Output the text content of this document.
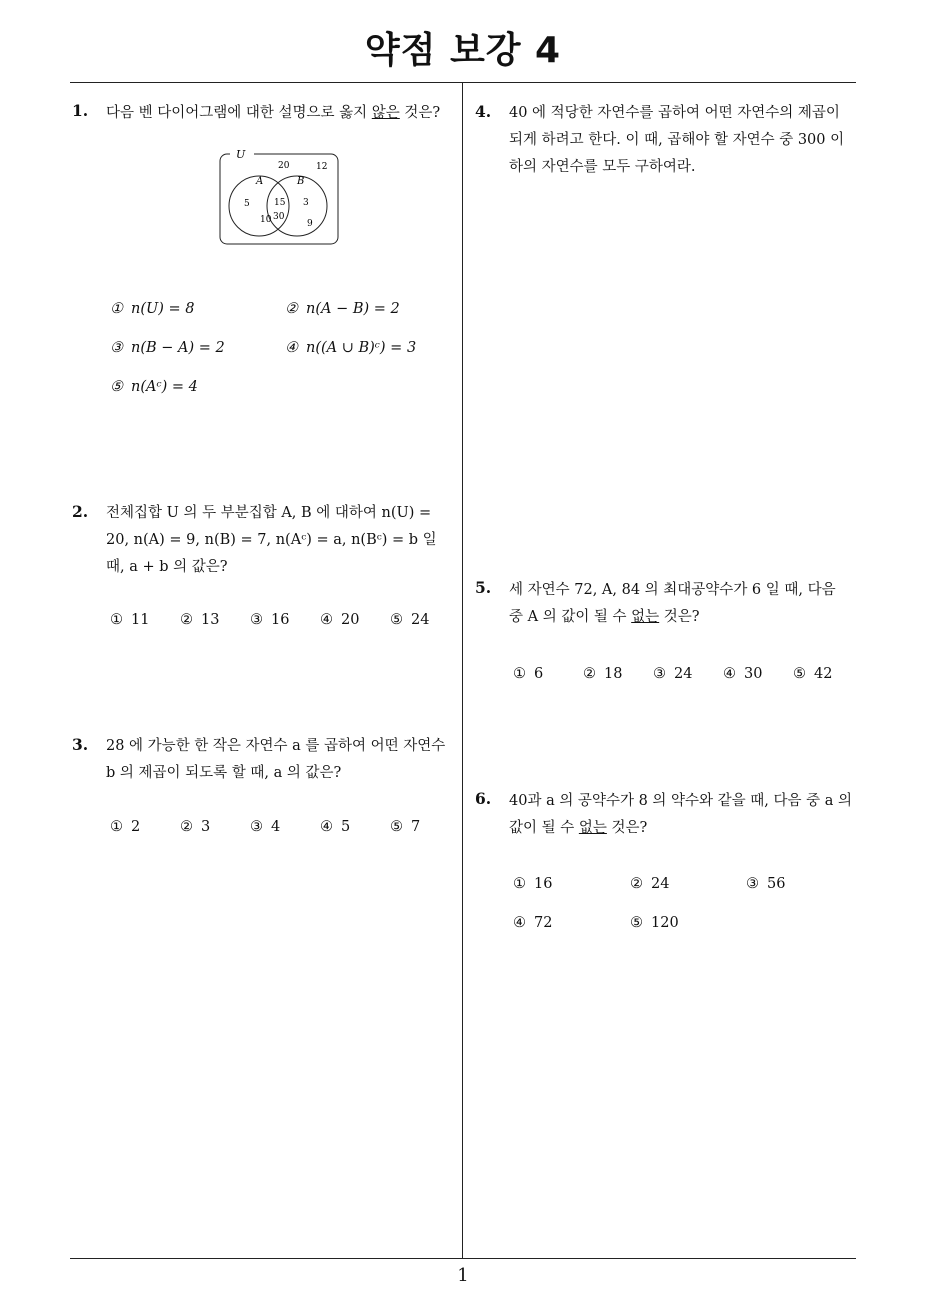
약점 보강 4
1. 다음 벤 다이어그램에 대한 설명으로 옳지 않은 것은?
U
A	B
20	12
5	15
10 30
3
9
① n(U) = 8	② n(A − B) = 2
③ n(B − A) = 2	④ n((A ∪ B)ᶜ) = 3
⑤ n(Aᶜ) = 4
2. 전체집합 U 의 두 부분집합 A, B 에 대하여 n(U) =
20, n(A) = 9, n(B) = 7, n(Aᶜ) = a, n(Bᶜ) = b 일
때, a + b 의 값은?
① 11 ② 13 ③ 16 ④ 20 ⑤ 24
3. 28 에 가능한 한 작은 자연수 a 를 곱하여 어떤 자연수
b 의 제곱이 되도록 할 때, a 의 값은?
① 2	② 3	③ 4	④ 5	⑤ 7
4. 40 에 적당한 자연수를 곱하여 어떤 자연수의 제곱이
되게 하려고 한다. 이 때, 곱해야 할 자연수 중 300 이
하의 자연수를 모두 구하여라.
5. 세 자연수 72, A, 84 의 최대공약수가 6 일 때, 다음
중 A 의 값이 될 수 없는 것은?
① 6	② 18 ③ 24 ④ 30 ⑤ 42
6. 40과 a 의 공약수가 8 의 약수와 같을 때, 다음 중 a 의
값이 될 수 없는 것은?
① 16	② 24	③ 56
④ 72	⑤ 120
1
